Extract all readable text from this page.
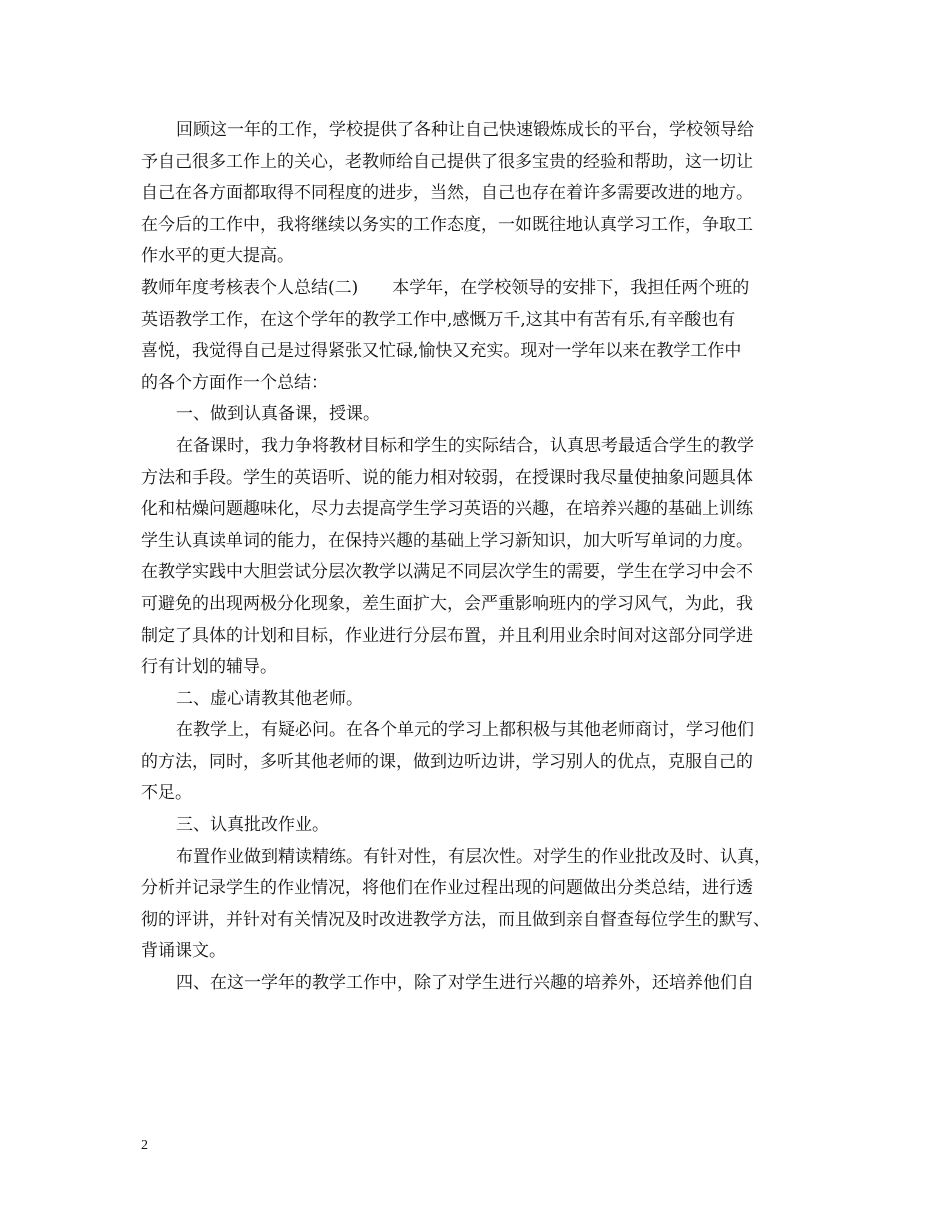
回顾这一年的工作，学校提供了各种让自己快速锻炼成长的平台，学校领导给
予自己很多工作上的关心，老教师给自己提供了很多宝贵的经验和帮助，这一切让
自己在各方面都取得不同程度的进步，当然，自己也存在着许多需要改进的地方。
在今后的工作中，我将继续以务实的工作态度，一如既往地认真学习工作，争取工
作水平的更大提高。
教师年度考核表个人总结(二)　　本学年，在学校领导的安排下，我担任两个班的
英语教学工作，在这个学年的教学工作中,感慨万千,这其中有苦有乐,有辛酸也有
喜悦，我觉得自己是过得紧张又忙碌,愉快又充实。现对一学年以来在教学工作中
的各个方面作一个总结：
一、做到认真备课，授课。
在备课时，我力争将教材目标和学生的实际结合，认真思考最适合学生的教学
方法和手段。学生的英语听、说的能力相对较弱，在授课时我尽量使抽象问题具体
化和枯燥问题趣味化，尽力去提高学生学习英语的兴趣，在培养兴趣的基础上训练
学生认真读单词的能力，在保持兴趣的基础上学习新知识，加大听写单词的力度。
在教学实践中大胆尝试分层次教学以满足不同层次学生的需要，学生在学习中会不
可避免的出现两极分化现象，差生面扩大，会严重影响班内的学习风气，为此，我
制定了具体的计划和目标，作业进行分层布置，并且利用业余时间对这部分同学进
行有计划的辅导。
二、虚心请教其他老师。
在教学上，有疑必问。在各个单元的学习上都积极与其他老师商讨，学习他们
的方法，同时，多听其他老师的课，做到边听边讲，学习别人的优点，克服自己的
不足。
三、认真批改作业。
布置作业做到精读精练。有针对性，有层次性。对学生的作业批改及时、认真，
分析并记录学生的作业情况，将他们在作业过程出现的问题做出分类总结，进行透
彻的评讲，并针对有关情况及时改进教学方法，而且做到亲自督查每位学生的默写、
背诵课文。
四、在这一学年的教学工作中，除了对学生进行兴趣的培养外，还培养他们自
2
